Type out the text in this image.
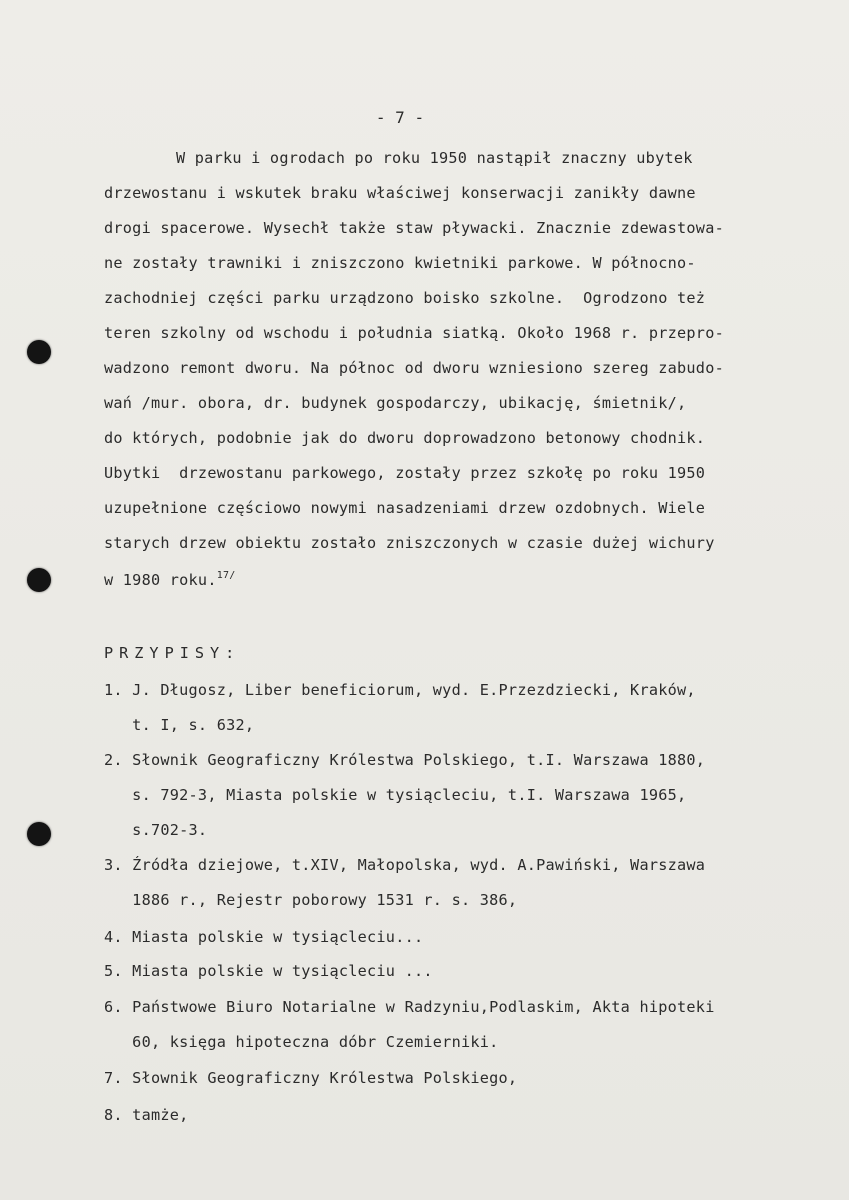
- 7 -
W parku i ogrodach po roku 1950 nastąpił znaczny ubytek
drzewostanu i wskutek braku właściwej konserwacji zanikły dawne
drogi spacerowe. Wysechł także staw pływacki. Znacznie zdewastowa-
ne zostały trawniki i zniszczono kwietniki parkowe. W północno-
zachodniej części parku urządzono boisko szkolne.  Ogrodzono też
teren szkolny od wschodu i południa siatką. Około 1968 r. przepro-
wadzono remont dworu. Na północ od dworu wzniesiono szereg zabudo-
wań /mur. obora, dr. budynek gospodarczy, ubikację, śmietnik/,
do których, podobnie jak do dworu doprowadzono betonowy chodnik.
Ubytki  drzewostanu parkowego, zostały przez szkołę po roku 1950
uzupełnione częściowo nowymi nasadzeniami drzew ozdobnych. Wiele
starych drzew obiektu zostało zniszczonych w czasie dużej wichury
w 1980 roku.$^{17/}$
PRZYPISY:
1. J. Długosz, Liber beneficiorum, wyd. E.Przezdziecki, Kraków,
t. I, s. 632,
2. Słownik Geograficzny Królestwa Polskiego, t.I. Warszawa 1880,
s. 792-3, Miasta polskie w tysiącleciu, t.I. Warszawa 1965,
s.702-3.
3. Źródła dziejowe, t.XIV, Małopolska, wyd. A.Pawiński, Warszawa
1886 r., Rejestr poborowy 1531 r. s. 386,
4. Miasta polskie w tysiącleciu...
5. Miasta polskie w tysiącleciu ...
6. Państwowe Biuro Notarialne w Radzyniu,Podlaskim, Akta hipoteki
60, księga hipoteczna dóbr Czemierniki.
7. Słownik Geograficzny Królestwa Polskiego,
8. tamże,
